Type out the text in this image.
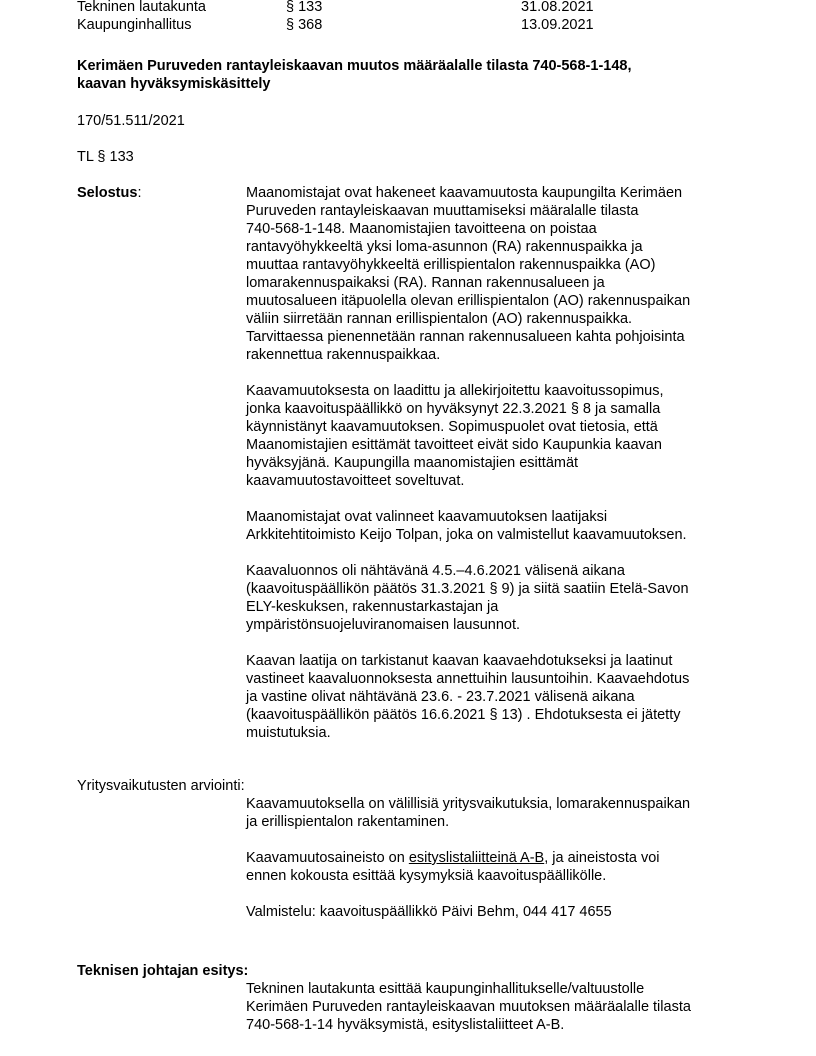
Tekninen lautakunta	§ 133	31.08.2021
Kaupunginhallitus	§ 368	13.09.2021
Kerimäen Puruveden rantayleiskaavan muutos määräalalle tilasta 740-568-1-148,
kaavan hyväksymiskäsittely
170/51.511/2021
TL § 133
Selostus:	Maanomistajat ovat hakeneet kaavamuutosta kaupungilta Kerimäen
Puruveden rantayleiskaavan muuttamiseksi määralalle tilasta
740-568-1-148. Maanomistajien tavoitteena on poistaa
rantavyöhykkeeltä yksi loma-asunnon (RA) rakennuspaikka ja
muuttaa rantavyöhykkeeltä erillispientalon rakennuspaikka (AO)
lomarakennuspaikaksi (RA). Rannan rakennusalueen ja
muutosalueen itäpuolella olevan erillispientalon (AO) rakennuspaikan
väliin siirretään rannan erillispientalon (AO) rakennuspaikka.
Tarvittaessa pienennetään rannan rakennusalueen kahta pohjoisinta
rakennettua rakennuspaikkaa.

Kaavamuutoksesta on laadittu ja allekirjoitettu kaavoitussopimus,
jonka kaavoituspäällikkö on hyväksynyt 22.3.2021 § 8 ja samalla
käynnistänyt kaavamuutoksen. Sopimuspuolet ovat tietosia, että
Maanomistajien esittämät tavoitteet eivät sido Kaupunkia kaavan
hyväksyjänä. Kaupungilla maanomistajien esittämät
kaavamuutostavoitteet soveltuvat.

Maanomistajat ovat valinneet kaavamuutoksen laatijaksi
Arkkitehtitoimisto Keijo Tolpan, joka on valmistellut kaavamuutoksen.

Kaavaluonnos oli nähtävänä 4.5.–4.6.2021 välisenä aikana
(kaavoituspäällikön päätös 31.3.2021 § 9) ja siitä saatiin Etelä-Savon
ELY-keskuksen, rakennustarkastajan ja
ympäristönsuojeluviranomaisen lausunnot.

Kaavan laatija on tarkistanut kaavan kaavaehdotukseksi ja laatinut
vastineet kaavaluonnoksesta annettuihin lausuntoihin. Kaavaehdotus
ja vastine olivat nähtävänä 23.6. - 23.7.2021 välisenä aikana
(kaavoituspäällikön päätös 16.6.2021 § 13) . Ehdotuksesta ei jätetty
muistutuksia.

Yritysvaikutusten arviointi:

Kaavamuutoksella on välillisiä yritysvaikutuksia, lomarakennuspaikan
ja erillispientalon rakentaminen.

Kaavamuutosaineisto on esityslistaliitteinä A-B, ja aineistosta voi
ennen kokousta esittää kysymyksiä kaavoituspäällikölle.

Valmistelu: kaavoituspäällikkö Päivi Behm, 044 417 4655

Teknisen johtajan esitys:

Tekninen lautakunta esittää kaupunginhallitukselle/valtuustolle
Kerimäen Puruveden rantayleiskaavan muutoksen määräalalle tilasta
740-568-1-14 hyväksymistä, esityslistaliitteet A-B.
